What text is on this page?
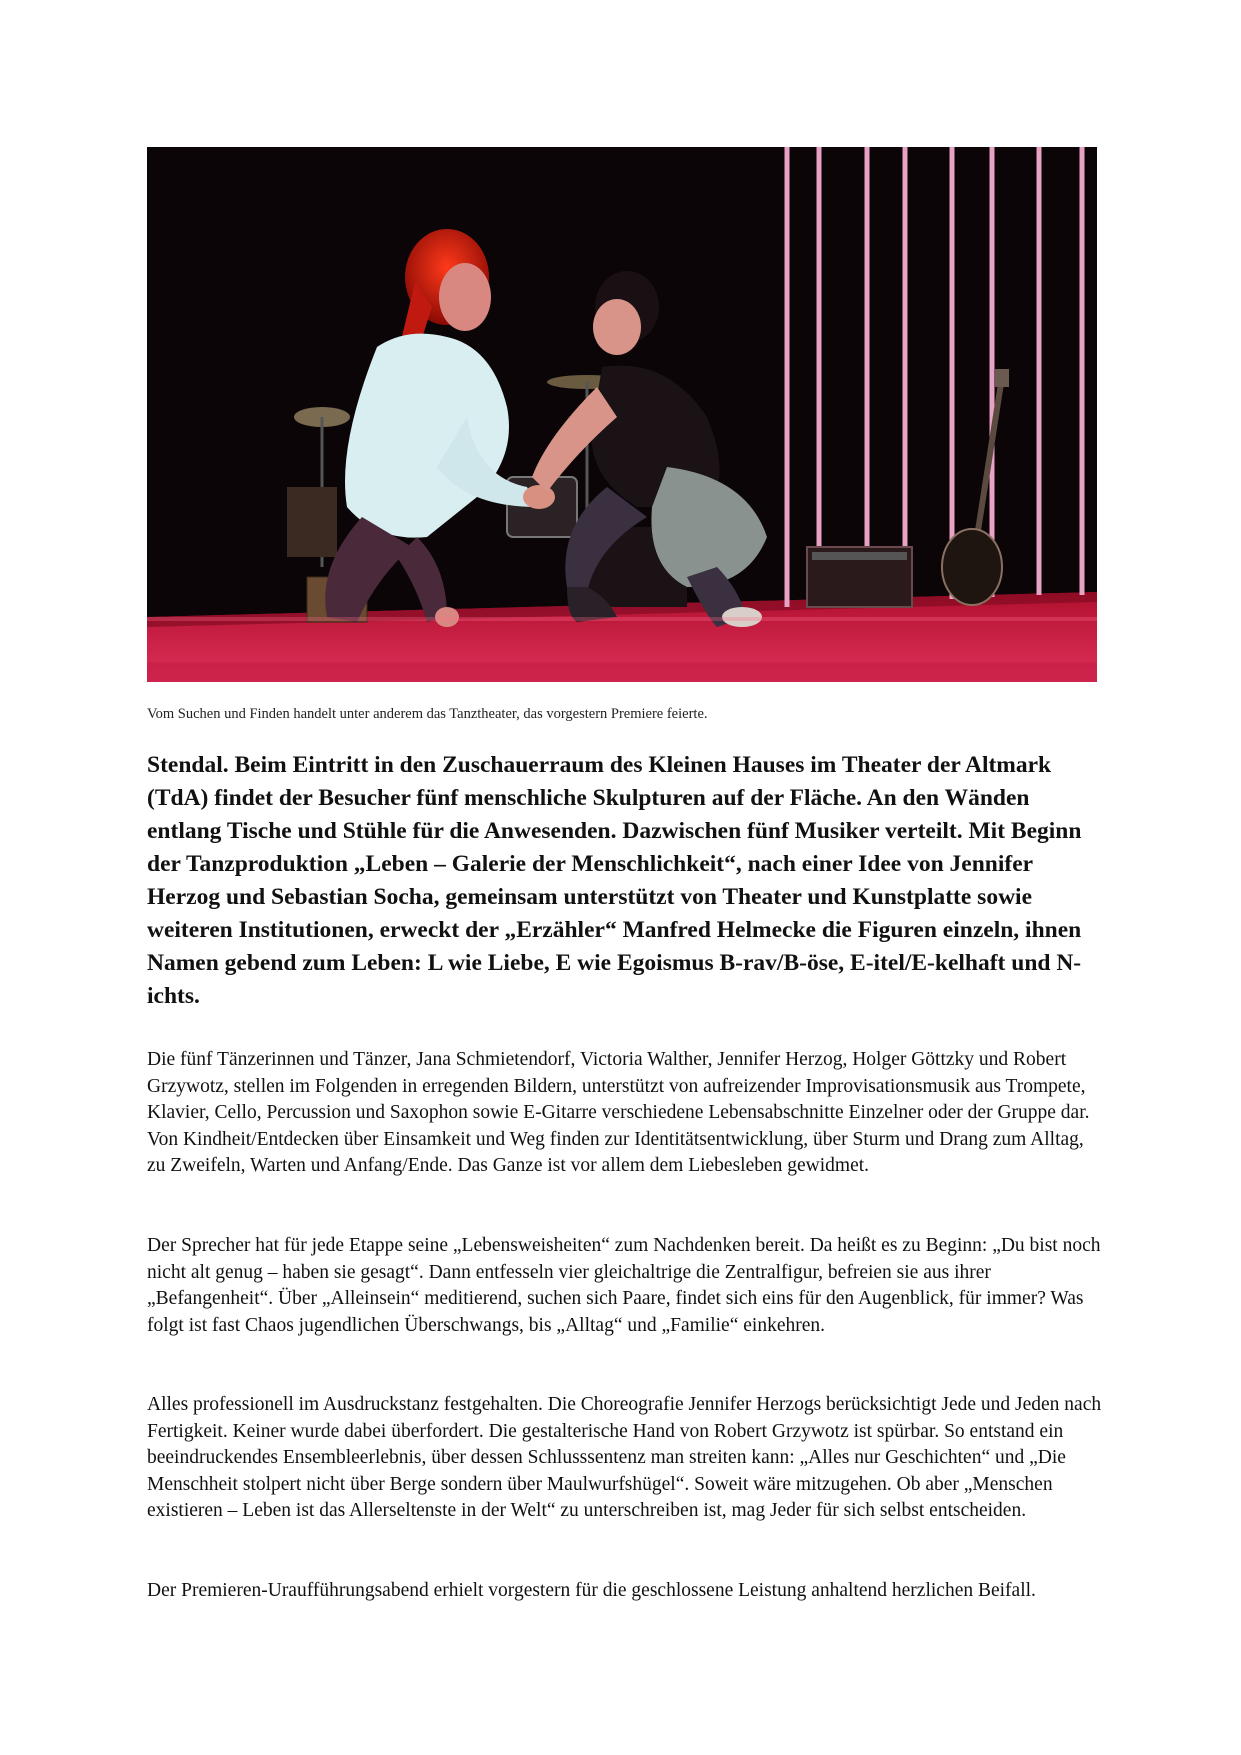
Vom Suchen und Finden handelt unter anderem das Tanztheater, das vorgestern Premiere feierte.

Stendal. Beim Eintritt in den Zuschauerraum des Kleinen Hauses im Theater der Altmark (TdA) findet der Besucher fünf menschliche Skulpturen auf der Fläche. An den Wänden entlang Tische und Stühle für die Anwesenden. Dazwischen fünf Musiker verteilt. Mit Beginn der Tanzproduktion „Leben – Galerie der Menschlichkeit“, nach einer Idee von Jennifer Herzog und Sebastian Socha, gemeinsam unterstützt von Theater und Kunstplatte sowie weiteren Institutionen, erweckt der „Erzähler“ Manfred Helmecke die Figuren einzeln, ihnen Namen gebend zum Leben: L wie Liebe, E wie Egoismus B-rav/B-öse, E-itel/E-kelhaft und N-ichts.

Die fünf Tänzerinnen und Tänzer, Jana Schmietendorf, Victoria Walther, Jennifer Herzog, Holger Göttzky und Robert Grzywotz, stellen im Folgenden in erregenden Bildern, unterstützt von aufreizender Improvisationsmusik aus Trompete, Klavier, Cello, Percussion und Saxophon sowie E-Gitarre verschiedene Lebensabschnitte Einzelner oder der Gruppe dar. Von Kindheit/Entdecken über Einsamkeit und Weg finden zur Identitätsentwicklung, über Sturm und Drang zum Alltag, zu Zweifeln, Warten und Anfang/Ende. Das Ganze ist vor allem dem Liebesleben gewidmet.

Der Sprecher hat für jede Etappe seine „Lebensweisheiten“ zum Nachdenken bereit. Da heißt es zu Beginn: „Du bist noch nicht alt genug – haben sie gesagt“. Dann entfesseln vier gleichaltrige die Zentralfigur, befreien sie aus ihrer „Befangenheit“. Über „Alleinsein“ meditierend, suchen sich Paare, findet sich eins für den Augenblick, für immer? Was folgt ist fast Chaos jugendlichen Überschwangs, bis „Alltag“ und „Familie“ einkehren.

Alles professionell im Ausdruckstanz festgehalten. Die Choreografie Jennifer Herzogs berücksichtigt Jede und Jeden nach Fertigkeit. Keiner wurde dabei überfordert. Die gestalterische Hand von Robert Grzywotz ist spürbar. So entstand ein beeindruckendes Ensembleerlebnis, über dessen Schlusssentenz man streiten kann: „Alles nur Geschichten“ und „Die Menschheit stolpert nicht über Berge sondern über Maulwurfshügel“. Soweit wäre mitzugehen. Ob aber „Menschen existieren – Leben ist das Allerseltenste in der Welt“ zu unterschreiben ist, mag Jeder für sich selbst entscheiden.

Der Premieren-Uraufführungsabend erhielt vorgestern für die geschlossene Leistung anhaltend herzlichen Beifall.
